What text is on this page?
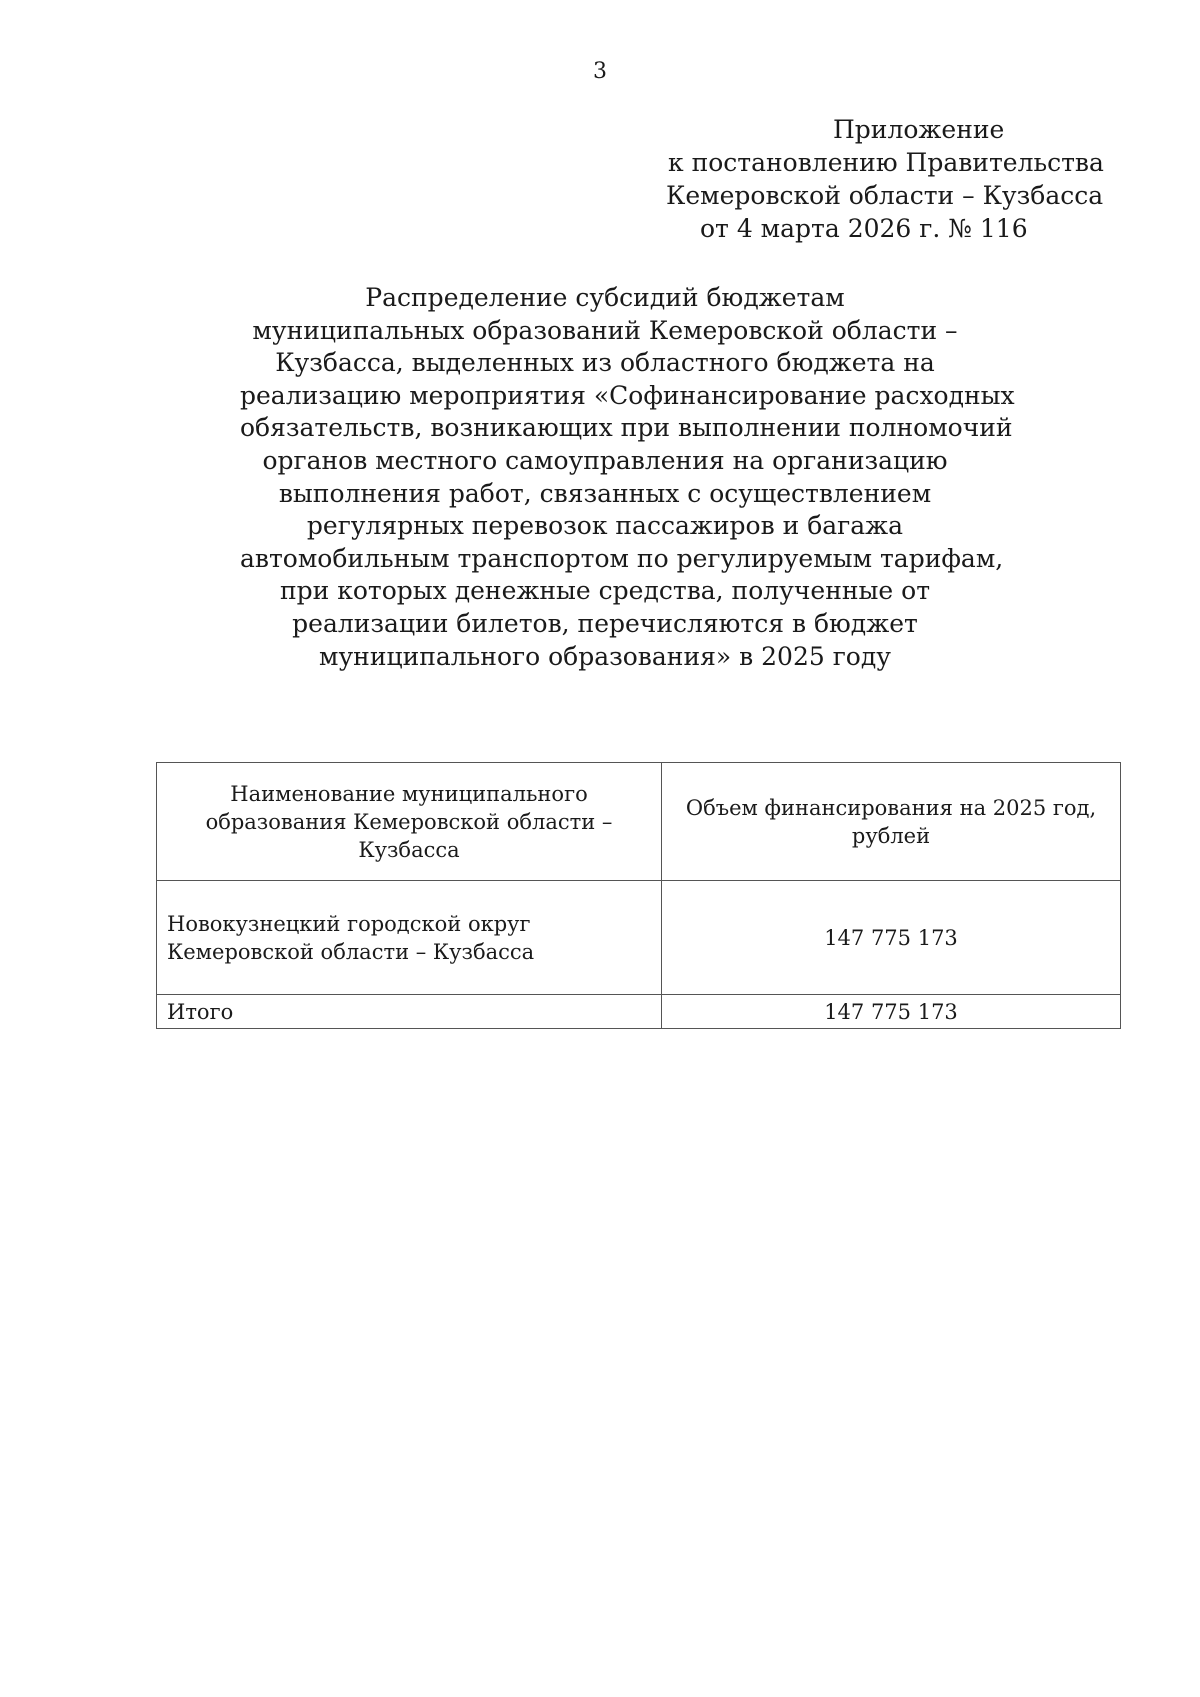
3
Приложение
к постановлению Правительства
Кемеровской области – Кузбасса
от 4 марта 2026 г. № 116
Распределение субсидий бюджетам
муниципальных образований Кемеровской области –
Кузбасса, выделенных из областного бюджета на
реализацию мероприятия «Софинансирование расходных
обязательств, возникающих при выполнении полномочий
органов местного самоуправления на организацию
выполнения работ, связанных с осуществлением
регулярных перевозок пассажиров и багажа
автомобильным транспортом по регулируемым тарифам,
при которых денежные средства, полученные от
реализации билетов, перечисляются в бюджет
муниципального образования» в 2025 году
Наименование муниципального образования Кемеровской области – Кузбасса	Объем финансирования на 2025 год, рублей
Новокузнецкий городской округ Кемеровской области – Кузбасса	147 775 173
Итого	147 775 173
